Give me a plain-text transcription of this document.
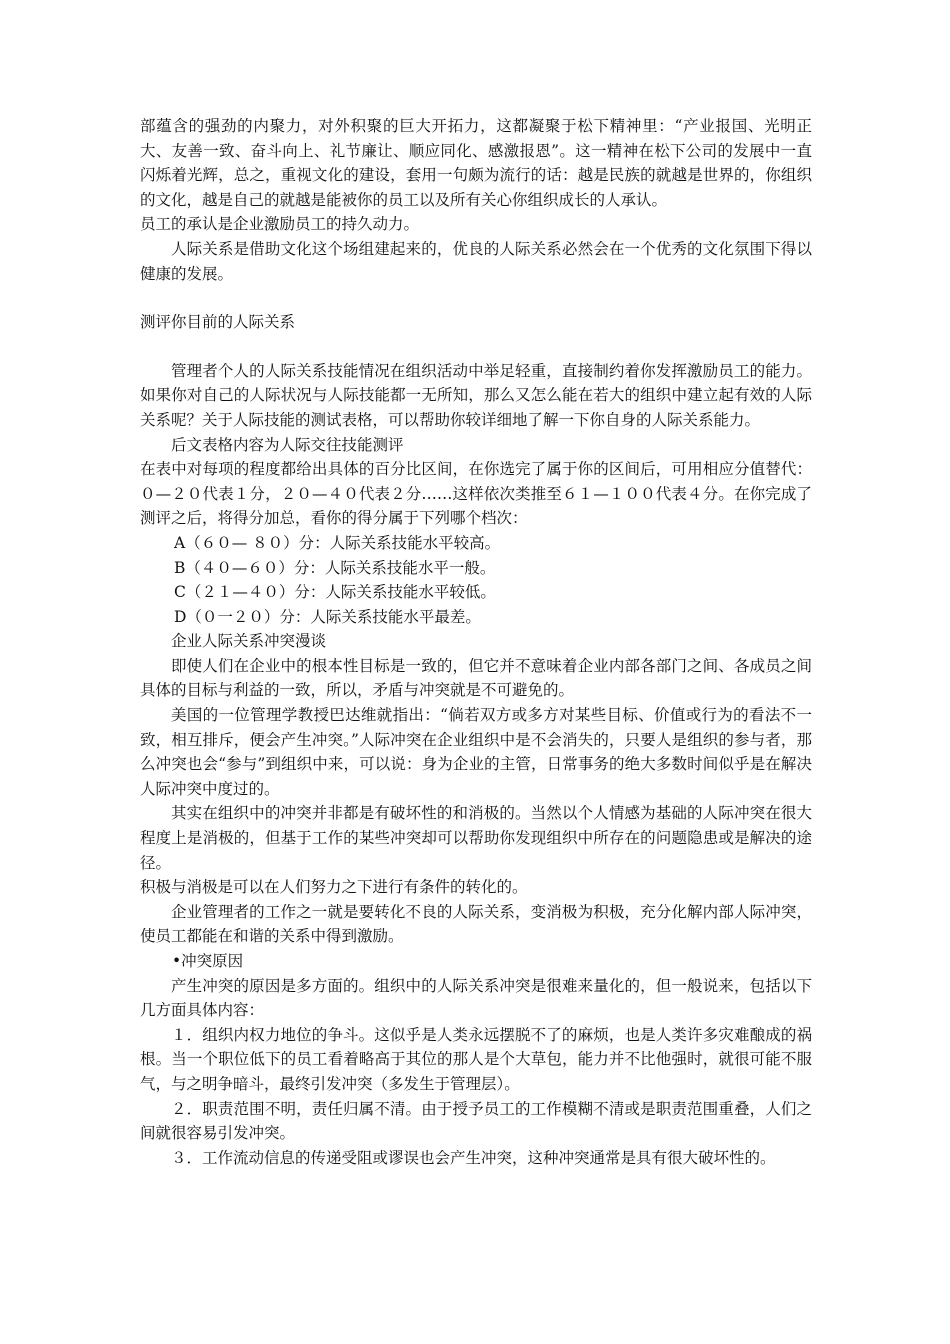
部蕴含的强劲的内聚力，对外积聚的巨大开拓力，这都凝聚于松下精神里：“产业报国、光明正大、友善一致、奋斗向上、礼节廉让、顺应同化、感激报恩”。这一精神在松下公司的发展中一直闪烁着光辉，总之，重视文化的建设，套用一句颇为流行的话：越是民族的就越是世界的，你组织的文化，越是自己的就越是能被你的员工以及所有关心你组织成长的人承认。

员工的承认是企业激励员工的持久动力。

人际关系是借助文化这个场组建起来的，优良的人际关系必然会在一个优秀的文化氛围下得以健康的发展。

测评你目前的人际关系

管理者个人的人际关系技能情况在组织活动中举足轻重，直接制约着你发挥激励员工的能力。如果你对自己的人际状况与人际技能都一无所知，那么又怎么能在若大的组织中建立起有效的人际关系呢？关于人际技能的测试表格，可以帮助你较详细地了解一下你自身的人际关系能力。

后文表格内容为人际交往技能测评

在表中对每项的程度都给出具体的百分比区间，在你选完了属于你的区间后，可用相应分值替代：０—２０代表１分，２０—４０代表２分……这样依次类推至６１—１００代表４分。在你完成了测评之后，将得分加总，看你的得分属于下列哪个档次：

A（６０— ８０）分：人际关系技能水平较高。

B（４０—６０）分：人际关系技能水平一般。

C（２１—４０）分：人际关系技能水平较低。

D（０一２０）分：人际关系技能水平最差。

企业人际关系冲突漫谈

即使人们在企业中的根本性目标是一致的，但它并不意味着企业内部各部门之间、各成员之间具体的目标与利益的一致，所以，矛盾与冲突就是不可避免的。

美国的一位管理学教授巴达维就指出：“倘若双方或多方对某些目标、价值或行为的看法不一致，相互排斥，便会产生冲突。”人际冲突在企业组织中是不会消失的，只要人是组织的参与者，那么冲突也会“参与”到组织中来，可以说：身为企业的主管，日常事务的绝大多数时间似乎是在解决人际冲突中度过的。

其实在组织中的冲突并非都是有破坏性的和消极的。当然以个人情感为基础的人际冲突在很大程度上是消极的，但基于工作的某些冲突却可以帮助你发现组织中所存在的问题隐患或是解决的途径。

积极与消极是可以在人们努力之下进行有条件的转化的。

企业管理者的工作之一就是要转化不良的人际关系，变消极为积极，充分化解内部人际冲突，使员工都能在和谐的关系中得到激励。

•冲突原因

产生冲突的原因是多方面的。组织中的人际关系冲突是很难来量化的，但一般说来，包括以下几方面具体内容：

１．组织内权力地位的争斗。这似乎是人类永远摆脱不了的麻烦，也是人类许多灾难酿成的祸根。当一个职位低下的员工看着略高于其位的那人是个大草包，能力并不比他强时，就很可能不服气，与之明争暗斗，最终引发冲突（多发生于管理层）。

２．职责范围不明，责任归属不清。由于授予员工的工作模糊不清或是职责范围重叠，人们之间就很容易引发冲突。

３．工作流动信息的传递受阻或谬误也会产生冲突，这种冲突通常是具有很大破坏性的。
